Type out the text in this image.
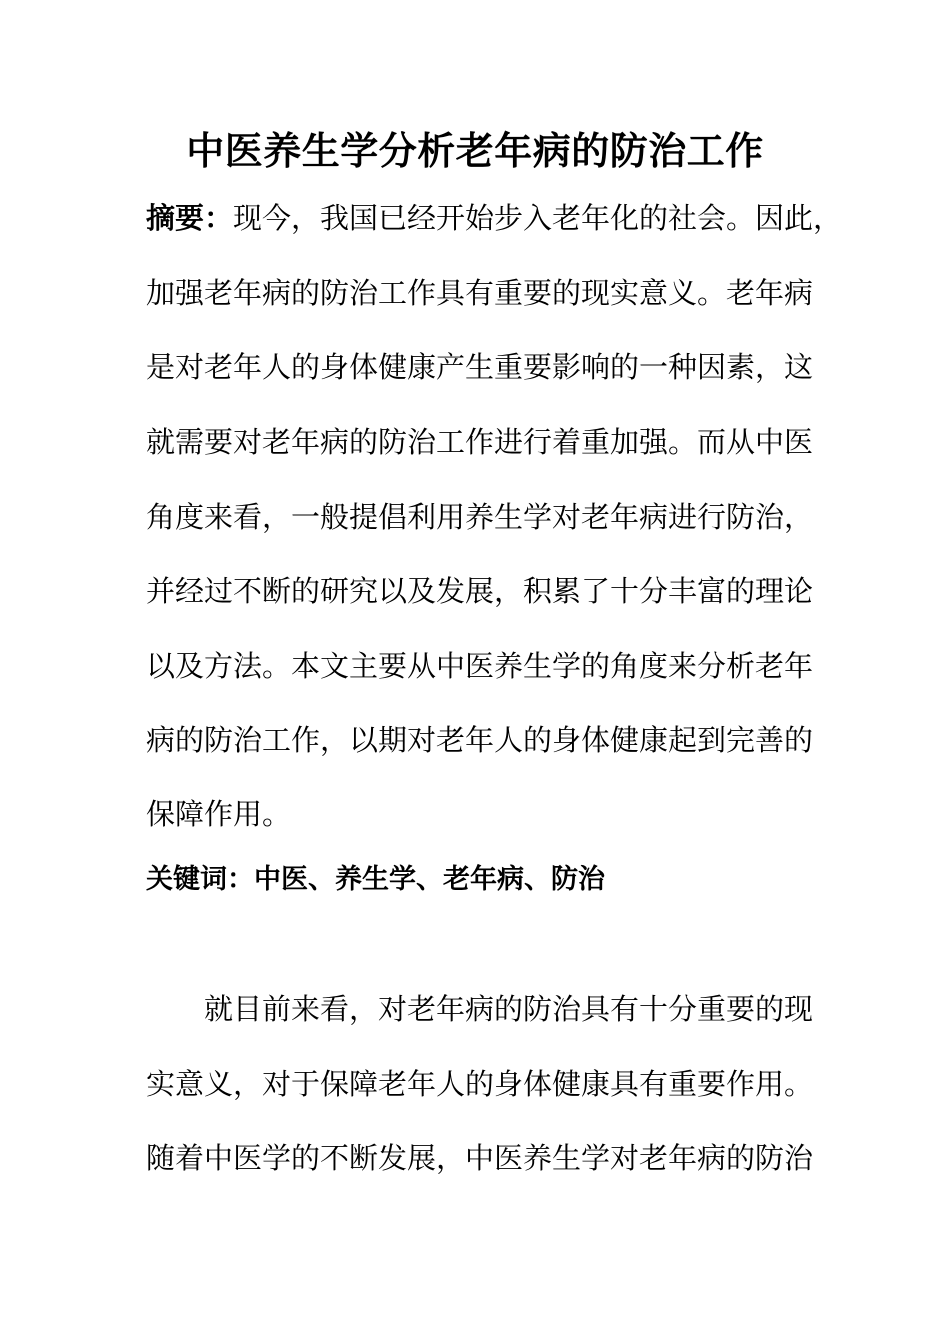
中医养生学分析老年病的防治工作
摘要：现今，我国已经开始步入老年化的社会。因此，
加强老年病的防治工作具有重要的现实意义。老年病
是对老年人的身体健康产生重要影响的一种因素，这
就需要对老年病的防治工作进行着重加强。而从中医
角度来看，一般提倡利用养生学对老年病进行防治，
并经过不断的研究以及发展，积累了十分丰富的理论
以及方法。本文主要从中医养生学的角度来分析老年
病的防治工作，以期对老年人的身体健康起到完善的
保障作用。
关键词：中医、养生学、老年病、防治
就目前来看，对老年病的防治具有十分重要的现
实意义，对于保障老年人的身体健康具有重要作用。
随着中医学的不断发展，中医养生学对老年病的防治
